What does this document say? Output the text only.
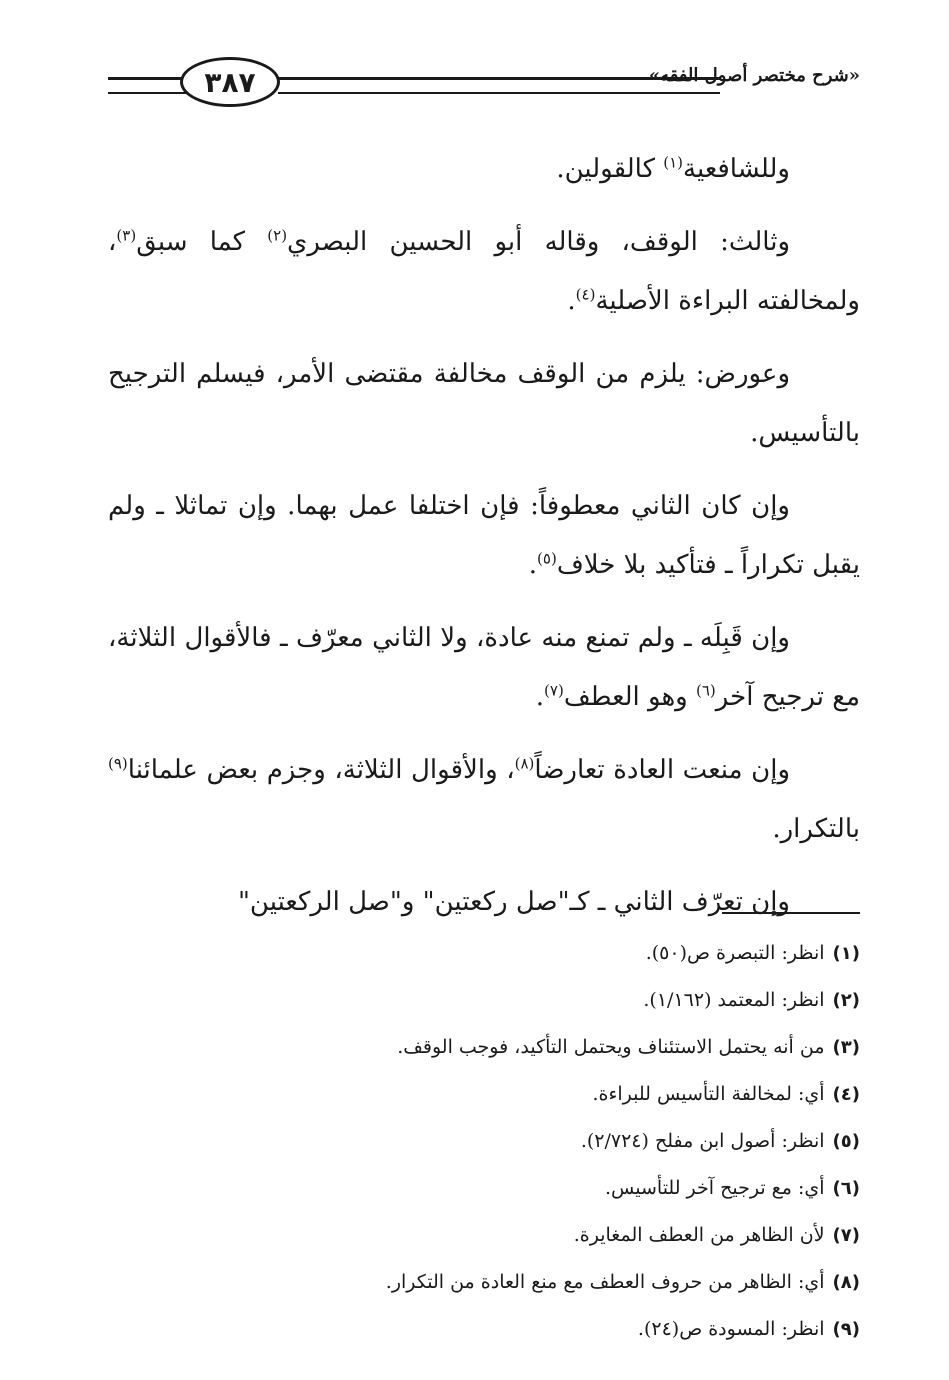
٣٨٧	«شرح مختصر أصول الفقه»

وللشافعية$^{(١)}$ كالقولين.

وثالث: الوقف، وقاله أبو الحسين البصري$^{(٢)}$ كما سبق$^{(٣)}$، ولمخالفته البراءة الأصلية$^{(٤)}$.

وعورض: يلزم من الوقف مخالفة مقتضى الأمر، فيسلم الترجيح بالتأسيس.

وإن كان الثاني معطوفاً: فإن اختلفا عمل بهما. وإن تماثلا ـ ولم يقبل تكراراً ـ فتأكيد بلا خلاف$^{(٥)}$.

وإن قَبِلَه ـ ولم تمنع منه عادة، ولا الثاني معرّف ـ فالأقوال الثلاثة، مع ترجيح آخر$^{(٦)}$ وهو العطف$^{(٧)}$.

وإن منعت العادة تعارضاً$^{(٨)}$، والأقوال الثلاثة، وجزم بعض علمائنا$^{(٩)}$ بالتكرار.

وإن تعرّف الثاني ـ كـ"صل ركعتين" و"صل الركعتين"

(١)انظر: التبصرة ص(٥٠).
(٢)انظر: المعتمد (١/١٦٢).
(٣)من أنه يحتمل الاستئناف ويحتمل التأكيد، فوجب الوقف.
(٤)أي: لمخالفة التأسيس للبراءة.
(٥)انظر: أصول ابن مفلح (٢/٧٢٤).
(٦)أي: مع ترجيح آخر للتأسيس.
(٧)لأن الظاهر من العطف المغايرة.
(٨)أي: الظاهر من حروف العطف مع منع العادة من التكرار.
(٩)انظر: المسودة ص(٢٤).
